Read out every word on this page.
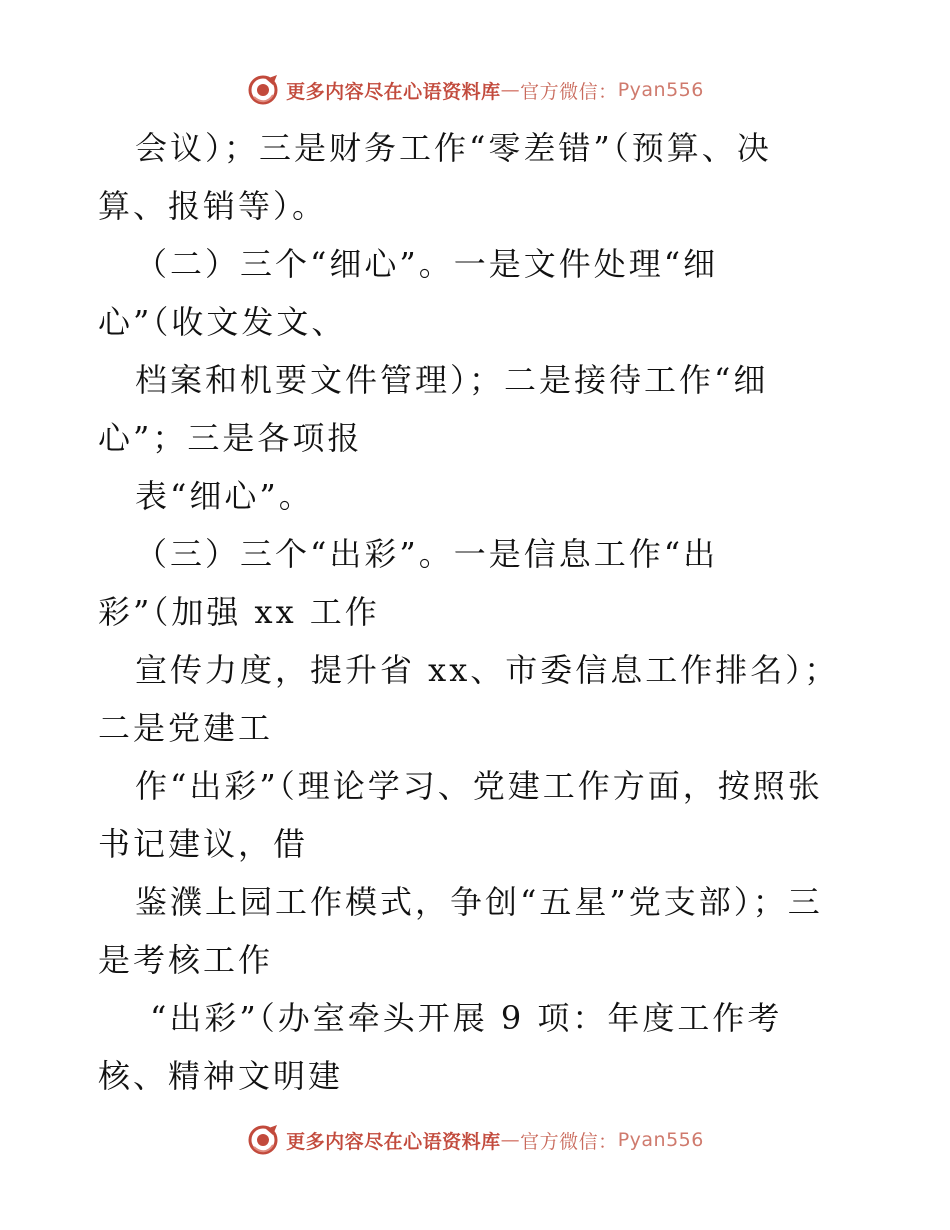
更多内容尽在心语资料库 — 官方微信： Pyan556
会议）；三是财务工作“零差错”（预算、决
算、报销等）。
（二）三个“细心”。一是文件处理“细
心”（收文发文、
档案和机要文件管理）；二是接待工作“细
心”；三是各项报
表“细心”。
（三）三个“出彩”。一是信息工作“出
彩”（加强 xx 工作
宣传力度，提升省 xx、市委信息工作排名）；
二是党建工
作“出彩”（理论学习、党建工作方面，按照张
书记建议，借
鉴濮上园工作模式，争创“五星”党支部）；三
是考核工作
“出彩”（办室牵头开展 9 项：年度工作考
核、精神文明建
更多内容尽在心语资料库 — 官方微信： Pyan556
